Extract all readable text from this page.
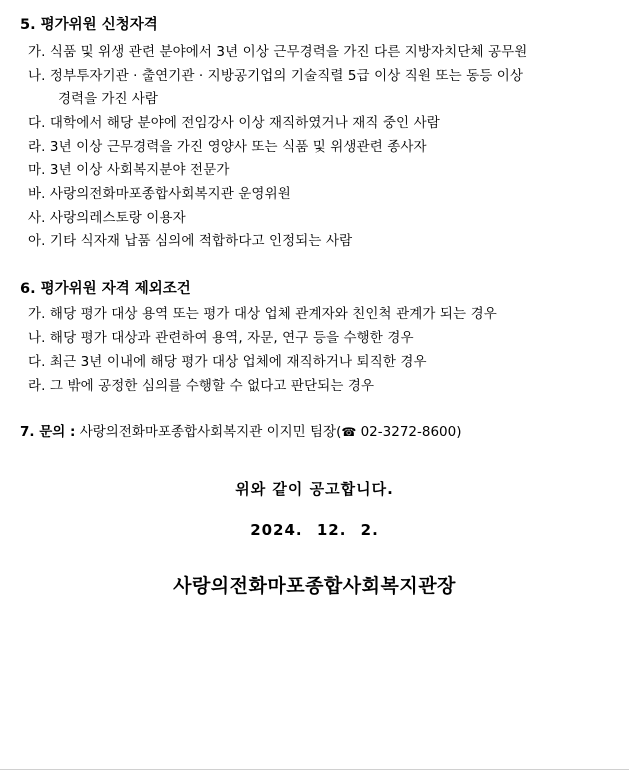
5. 평가위원 신청자격
가. 식품 및 위생 관련 분야에서 3년 이상 근무경력을 가진 다른 지방자치단체 공무원
나. 정부투자기관 · 출연기관 · 지방공기업의 기술직렬 5급 이상 직원 또는 동등 이상
경력을 가진 사람
다. 대학에서 해당 분야에 전임강사 이상 재직하였거나 재직 중인 사람
라. 3년 이상 근무경력을 가진 영양사 또는 식품 및 위생관련 종사자
마. 3년 이상 사회복지분야 전문가
바. 사랑의전화마포종합사회복지관 운영위원
사. 사랑의레스토랑 이용자
아. 기타 식자재 납품 심의에 적합하다고 인정되는 사람
6. 평가위원 자격 제외조건
가. 해당 평가 대상 용역 또는 평가 대상 업체 관계자와 친인척 관계가 되는 경우
나. 해당 평가 대상과 관련하여 용역, 자문, 연구 등을 수행한 경우
다. 최근 3년 이내에 해당 평가 대상 업체에 재직하거나 퇴직한 경우
라. 그 밖에 공정한 심의를 수행할 수 없다고 판단되는 경우
7. 문의 : 사랑의전화마포종합사회복지관 이지민 팀장(☎ 02-3272-8600)
위와 같이 공고합니다.
2024. 12. 2.
사랑의전화마포종합사회복지관장
